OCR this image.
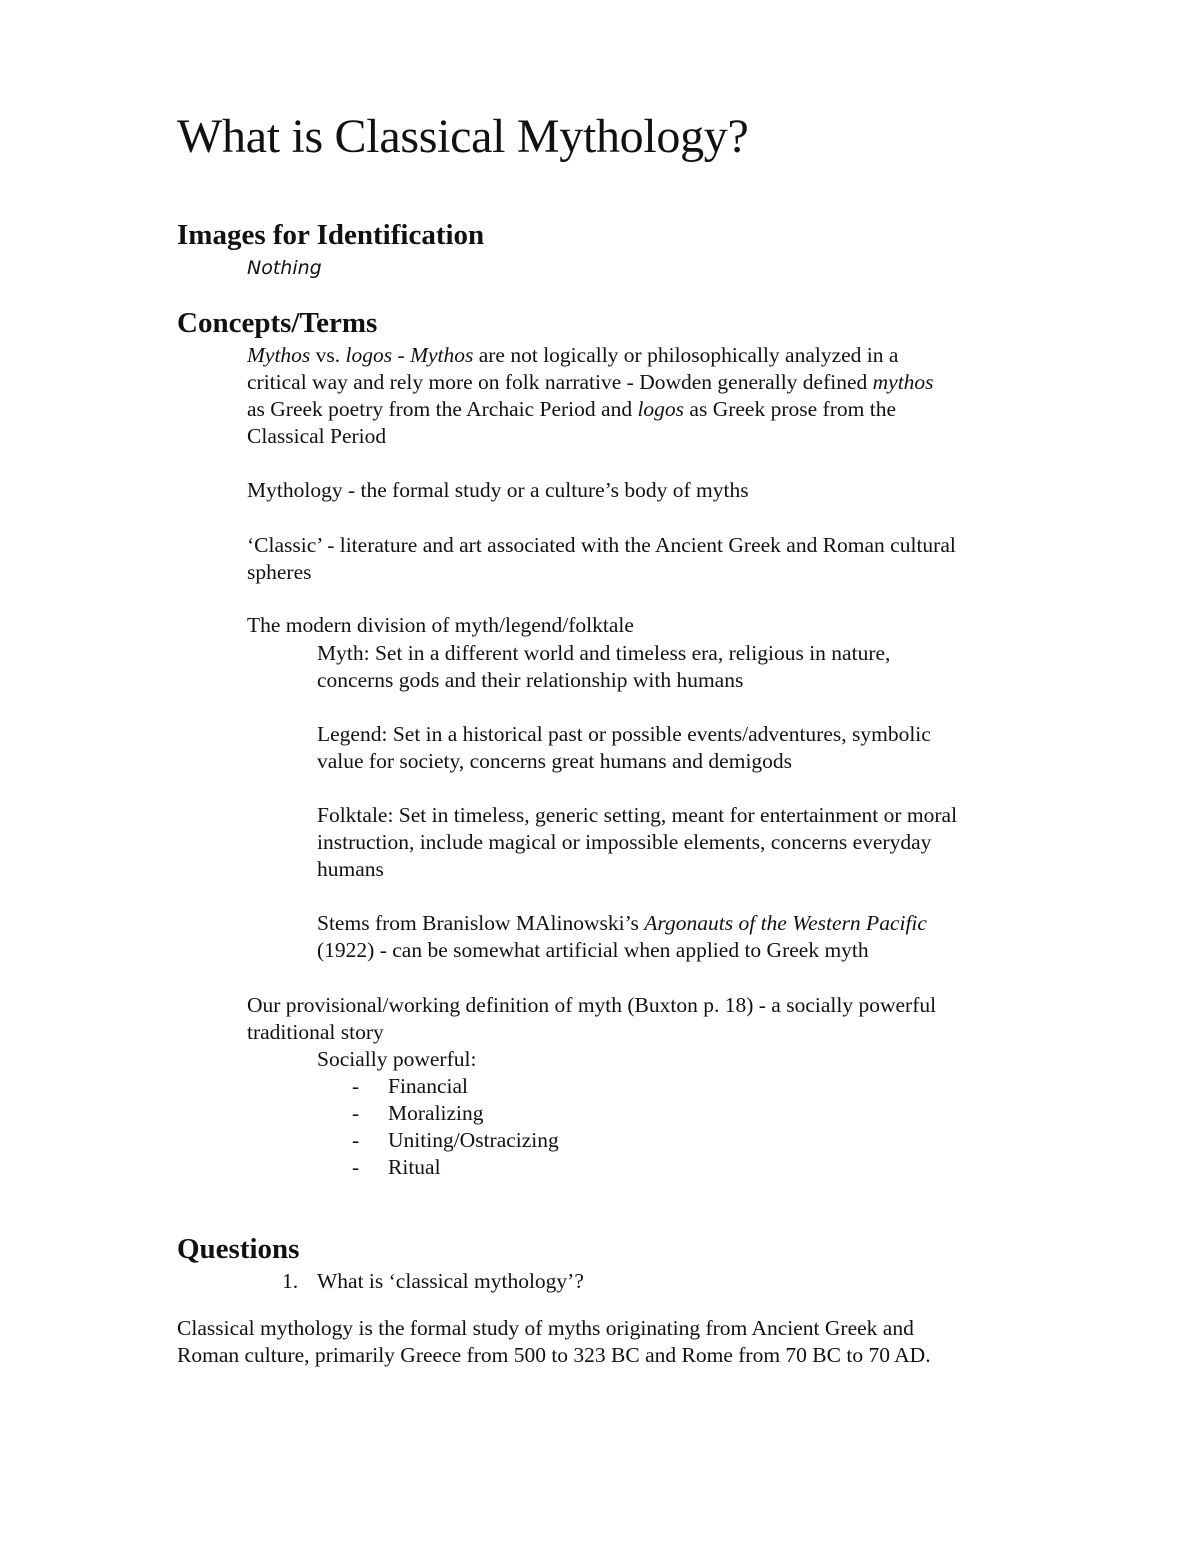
What is Classical Mythology?
Images for Identification
Nothing
Concepts/Terms
Mythos vs. logos - Mythos are not logically or philosophically analyzed in a
critical way and rely more on folk narrative - Dowden generally defined mythos
as Greek poetry from the Archaic Period and logos as Greek prose from the
Classical Period
Mythology - the formal study or a culture’s body of myths
‘Classic’ - literature and art associated with the Ancient Greek and Roman cultural
spheres
The modern division of myth/legend/folktale
Myth: Set in a different world and timeless era, religious in nature,
concerns gods and their relationship with humans
Legend: Set in a historical past or possible events/adventures, symbolic
value for society, concerns great humans and demigods
Folktale: Set in timeless, generic setting, meant for entertainment or moral
instruction, include magical or impossible elements, concerns everyday
humans
Stems from Branislow MAlinowski’s Argonauts of the Western Pacific
(1922) - can be somewhat artificial when applied to Greek myth
Our provisional/working definition of myth (Buxton p. 18) - a socially powerful
traditional story
Socially powerful:
- Financial
- Moralizing
- Uniting/Ostracizing
- Ritual
Questions
1. What is ‘classical mythology’?
Classical mythology is the formal study of myths originating from Ancient Greek and
Roman culture, primarily Greece from 500 to 323 BC and Rome from 70 BC to 70 AD.
